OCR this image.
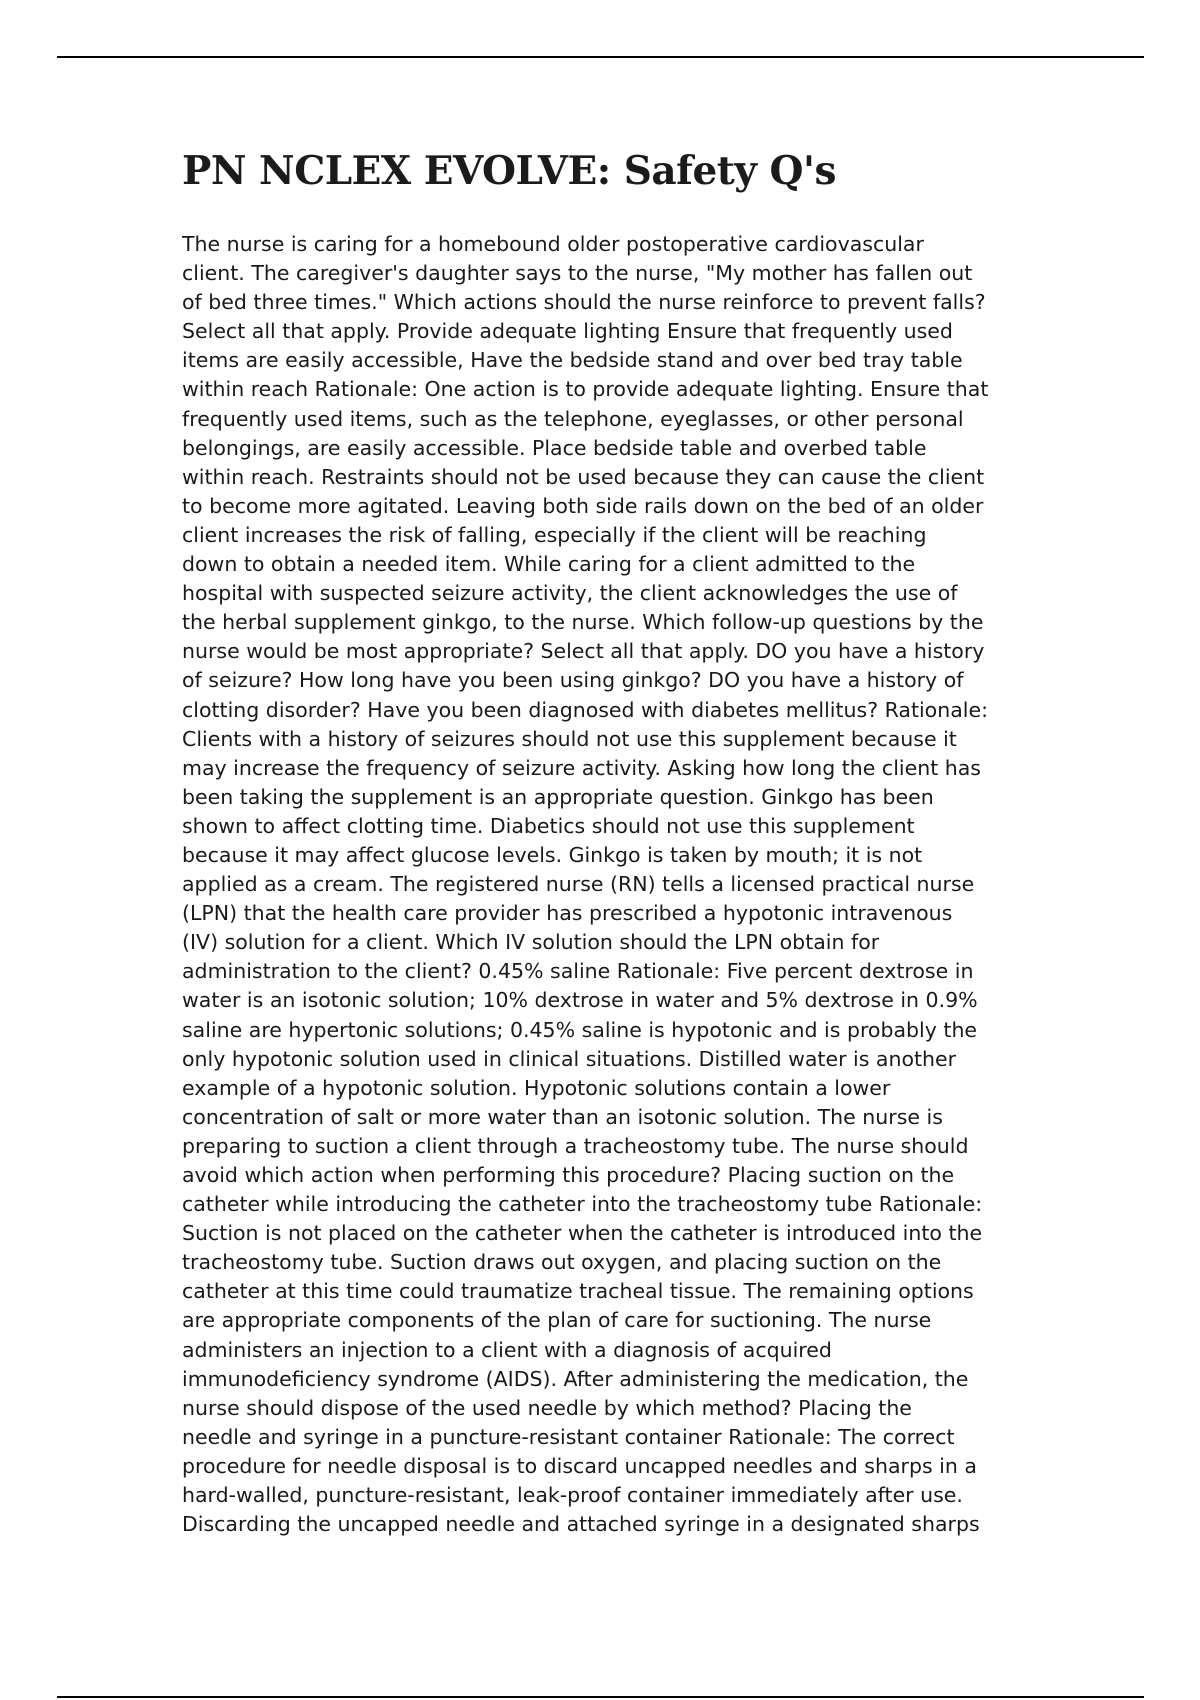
PN NCLEX EVOLVE: Safety Q's
The nurse is caring for a homebound older postoperative cardiovascular
client. The caregiver's daughter says to the nurse, "My mother has fallen out
of bed three times." Which actions should the nurse reinforce to prevent falls?
Select all that apply. Provide adequate lighting Ensure that frequently used
items are easily accessible, Have the bedside stand and over bed tray table
within reach Rationale: One action is to provide adequate lighting. Ensure that
frequently used items, such as the telephone, eyeglasses, or other personal
belongings, are easily accessible. Place bedside table and overbed table
within reach. Restraints should not be used because they can cause the client
to become more agitated. Leaving both side rails down on the bed of an older
client increases the risk of falling, especially if the client will be reaching
down to obtain a needed item. While caring for a client admitted to the
hospital with suspected seizure activity, the client acknowledges the use of
the herbal supplement ginkgo, to the nurse. Which follow-up questions by the
nurse would be most appropriate? Select all that apply. DO you have a history
of seizure? How long have you been using ginkgo? DO you have a history of
clotting disorder? Have you been diagnosed with diabetes mellitus? Rationale:
Clients with a history of seizures should not use this supplement because it
may increase the frequency of seizure activity. Asking how long the client has
been taking the supplement is an appropriate question. Ginkgo has been
shown to affect clotting time. Diabetics should not use this supplement
because it may affect glucose levels. Ginkgo is taken by mouth; it is not
applied as a cream. The registered nurse (RN) tells a licensed practical nurse
(LPN) that the health care provider has prescribed a hypotonic intravenous
(IV) solution for a client. Which IV solution should the LPN obtain for
administration to the client? 0.45% saline Rationale: Five percent dextrose in
water is an isotonic solution; 10% dextrose in water and 5% dextrose in 0.9%
saline are hypertonic solutions; 0.45% saline is hypotonic and is probably the
only hypotonic solution used in clinical situations. Distilled water is another
example of a hypotonic solution. Hypotonic solutions contain a lower
concentration of salt or more water than an isotonic solution. The nurse is
preparing to suction a client through a tracheostomy tube. The nurse should
avoid which action when performing this procedure? Placing suction on the
catheter while introducing the catheter into the tracheostomy tube Rationale:
Suction is not placed on the catheter when the catheter is introduced into the
tracheostomy tube. Suction draws out oxygen, and placing suction on the
catheter at this time could traumatize tracheal tissue. The remaining options
are appropriate components of the plan of care for suctioning. The nurse
administers an injection to a client with a diagnosis of acquired
immunodeficiency syndrome (AIDS). After administering the medication, the
nurse should dispose of the used needle by which method? Placing the
needle and syringe in a puncture-resistant container Rationale: The correct
procedure for needle disposal is to discard uncapped needles and sharps in a
hard-walled, puncture-resistant, leak-proof container immediately after use.
Discarding the uncapped needle and attached syringe in a designated sharps
